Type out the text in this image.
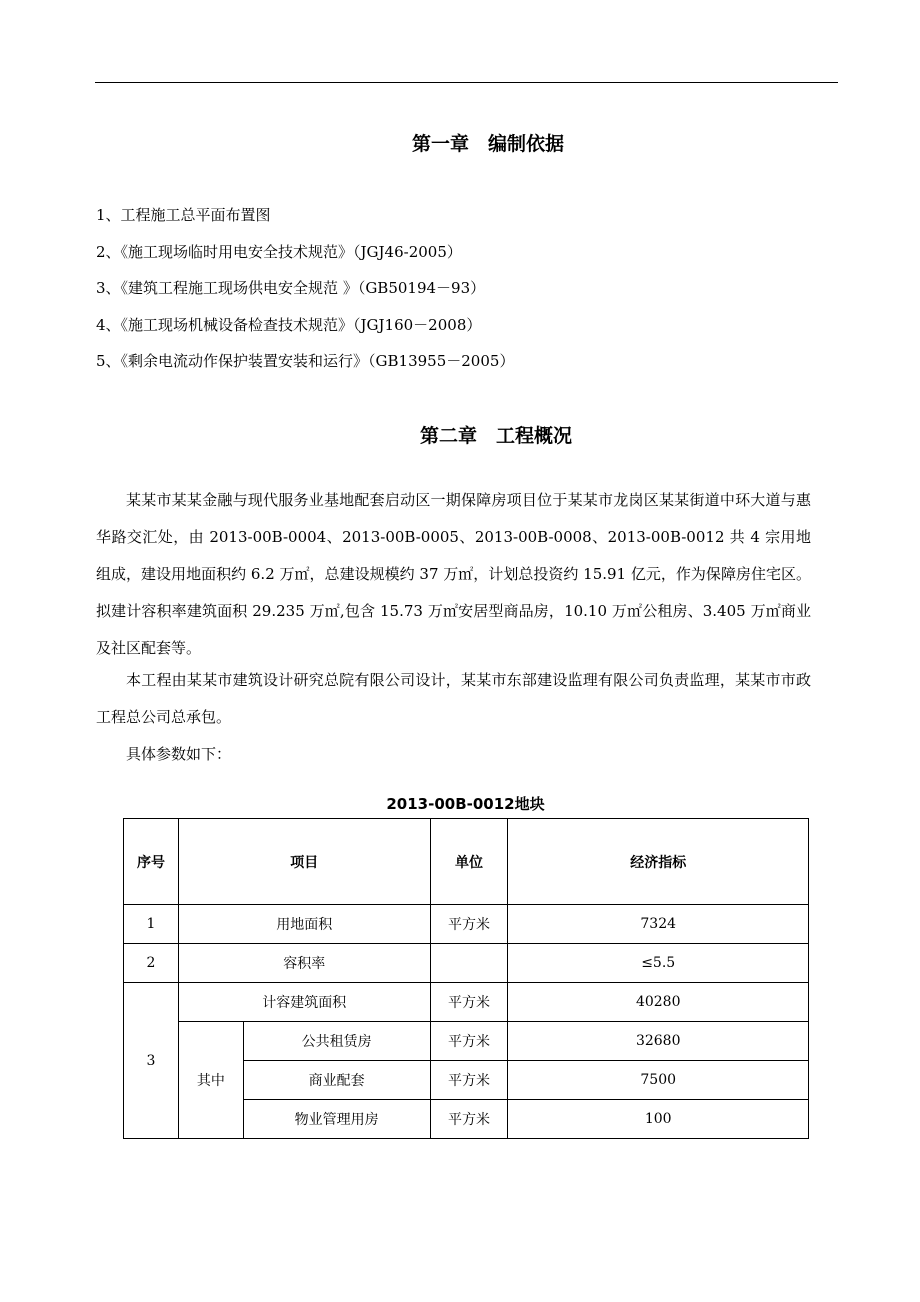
第一章　编制依据
1、工程施工总平面布置图
2、《施工现场临时用电安全技术规范》（JGJ46-2005）
3、《建筑工程施工现场供电安全规范 》（GB50194－93）
4、《施工现场机械设备检查技术规范》（JGJ160－2008）
5、《剩余电流动作保护装置安装和运行》（GB13955－2005）
第二章　工程概况

某某市某某金融与现代服务业基地配套启动区一期保障房项目位于某某市龙岗区某某街道中环大道与惠华路交汇处，由 2013-00B-0004、2013-00B-0005、2013-00B-0008、2013-00B-0012 共 4 宗用地组成，建设用地面积约 6.2 万㎡，总建设规模约 37 万㎡，计划总投资约 15.91 亿元，作为保障房住宅区。拟建计容积率建筑面积 29.235 万㎡,包含 15.73 万㎡安居型商品房，10.10 万㎡公租房、3.405 万㎡商业及社区配套等。

本工程由某某市建筑设计研究总院有限公司设计，某某市东部建设监理有限公司负责监理，某某市市政工程总公司总承包。

具体参数如下：

2013-00B-0012地块
序号	项目		单位	经济指标
1	用地面积		平方米	7324
2	容积率			≤5.5
3	计容建筑面积		平方米	40280
	其中	公共租赁房	平方米	32680
		商业配套	平方米	7500
		物业管理用房	平方米	100
